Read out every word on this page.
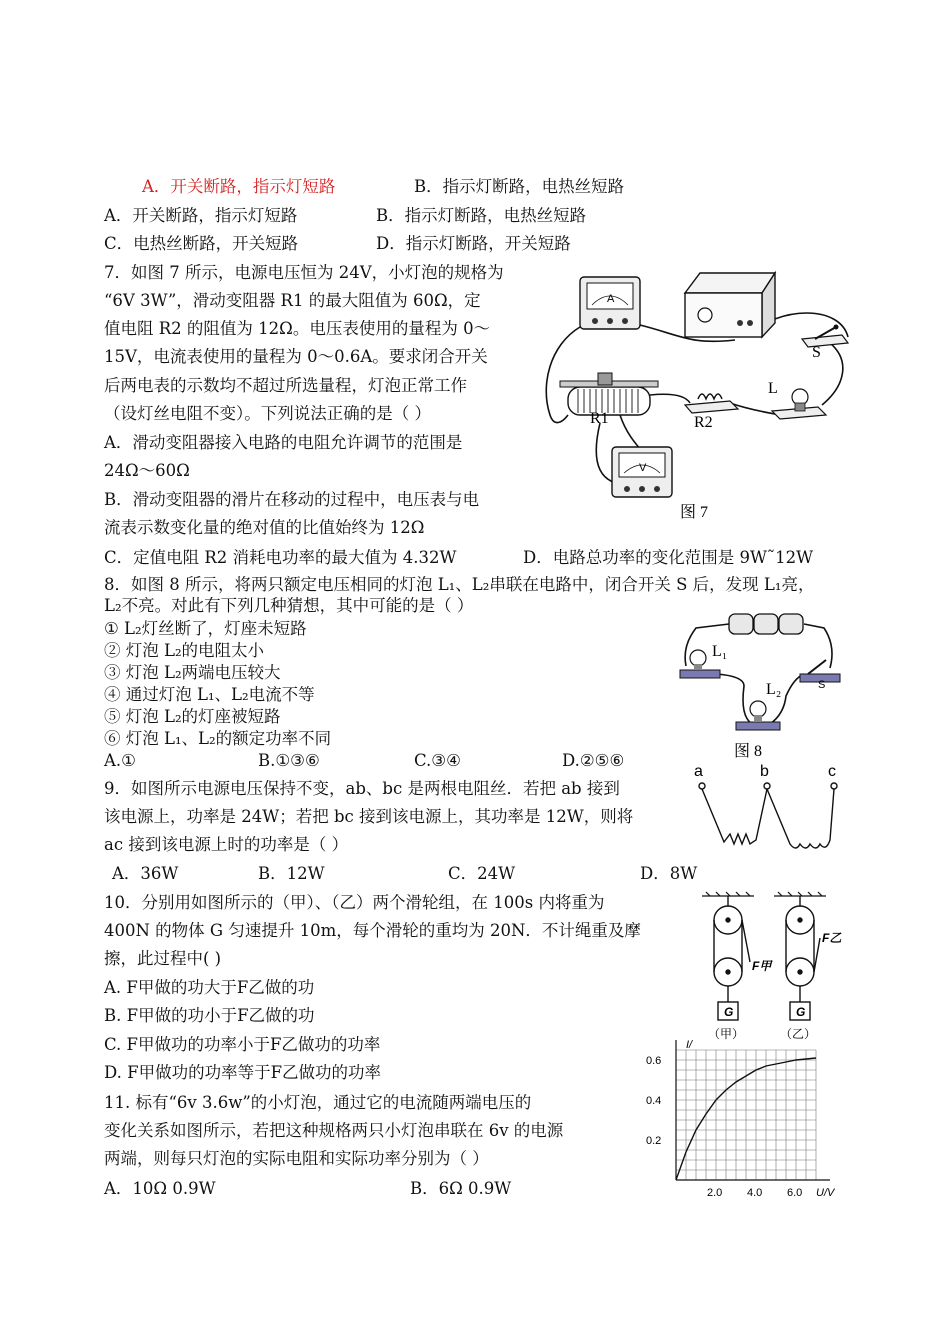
A．开关断路，指示灯短路	B．指示灯断路，电热丝短路
A．开关断路，指示灯短路	B．指示灯断路，电热丝短路
C．电热丝断路，开关短路	D．指示灯断路，开关短路
7．如图 7 所示，电源电压恒为 24V，小灯泡的规格为
“6V 3W”，滑动变阻器 R1 的最大阻值为 60Ω，定
值电阻 R2 的阻值为 12Ω。电压表使用的量程为 0～
15V，电流表使用的量程为 0～0.6A。要求闭合开关
后两电表的示数均不超过所选量程，灯泡正常工作
（设灯丝电阻不变）。下列说法正确的是（ ）
A．滑动变阻器接入电路的电阻允许调节的范围是
24Ω～60Ω
B．滑动变阻器的滑片在移动的过程中，电压表与电
流表示数变化量的绝对值的比值始终为 12Ω
C．定值电阻 R2 消耗电功率的最大值为 4.32W	D．电路总功率的变化范围是 9W˜12W
A
S
R1	R2
L
V
图 7
8．如图 8 所示，将两只额定电压相同的灯泡 L₁、L₂串联在电路中，闭合开关 S 后，发现 L₁亮，
L₂不亮。对此有下列几种猜想，其中可能的是（ ）
① L₂灯丝断了，灯座未短路
② 灯泡 L₂的电阻太小
③ 灯泡 L₂两端电压较大
④ 通过灯泡 L₁、L₂电流不等
⑤ 灯泡 L₂的灯座被短路
⑥ 灯泡 L₁、L₂的额定功率不同
A.①	B.①③⑥	C.③④	D.②⑤⑥
L₁
S
L₂
图 8
9．如图所示电源电压保持不变，ab、bc 是两根电阻丝．若把 ab 接到
该电源上，功率是 24W；若把 bc 接到该电源上，其功率是 12W，则将
ac 接到该电源上时的功率是（ ）
A．36W	B．12W	C．24W	D．8W
a	b	c
10．分别用如图所示的（甲）、（乙）两个滑轮组，在 100s 内将重为
400N 的物体 G 匀速提升 10m，每个滑轮的重均为 20N．不计绳重及摩
擦，此过程中( )
A. F甲做的功大于F乙做的功
B. F甲做的功小于F乙做的功
C. F甲做功的功率小于F乙做功的功率
D. F甲做功的功率等于F乙做功的功率
F甲
G
（甲）
F乙
G
（乙）
11. 标有“6v 3.6w”的小灯泡，通过它的电流随两端电压的
变化关系如图所示，若把这种规格两只小灯泡串联在 6v 的电源
两端，则每只灯泡的实际电阻和实际功率分别为（ ）
A．10Ω 0.9W	B．6Ω 0.9W
I/
U/V
0.2
0.4
0.6
2.0 4.0 6.0
